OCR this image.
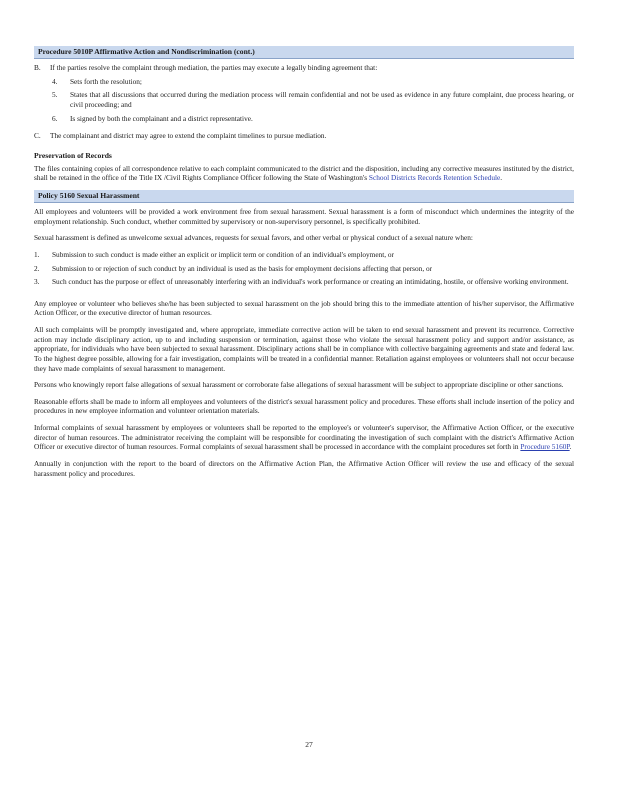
Procedure 5010P Affirmative Action and Nondiscrimination (cont.)
B.	If the parties resolve the complaint through mediation, the parties may execute a legally binding agreement that:
4.	Sets forth the resolution;
5.	States that all discussions that occurred during the mediation process will remain confidential and not be used as evidence in any future complaint, due process hearing, or civil proceeding; and
6.	Is signed by both the complainant and a district representative.
C.	The complainant and district may agree to extend the complaint timelines to pursue mediation.
Preservation of Records

The files containing copies of all correspondence relative to each complaint communicated to the district and the disposition, including any corrective measures instituted by the district, shall be retained in the office of the Title IX /Civil Rights Compliance Officer following the State of Washington's School Districts Records Retention Schedule.

Policy 5160 Sexual Harassment

All employees and volunteers will be provided a work environment free from sexual harassment. Sexual harassment is a form of misconduct which undermines the integrity of the employment relationship. Such conduct, whether committed by supervisory or non-supervisory personnel, is specifically prohibited.

Sexual harassment is defined as unwelcome sexual advances, requests for sexual favors, and other verbal or physical conduct of a sexual nature when:

1.	Submission to such conduct is made either an explicit or implicit term or condition of an individual's employment, or
2.	Submission to or rejection of such conduct by an individual is used as the basis for employment decisions affecting that person, or
3.	Such conduct has the purpose or effect of unreasonably interfering with an individual's work performance or creating an intimidating, hostile, or offensive working environment.

Any employee or volunteer who believes she/he has been subjected to sexual harassment on the job should bring this to the immediate attention of his/her supervisor, the Affirmative Action Officer, or the executive director of human resources.

All such complaints will be promptly investigated and, where appropriate, immediate corrective action will be taken to end sexual harassment and prevent its recurrence. Corrective action may include disciplinary action, up to and including suspension or termination, against those who violate the sexual harassment policy and support and/or assistance, as appropriate, for individuals who have been subjected to sexual harassment. Disciplinary actions shall be in compliance with collective bargaining agreements and state and federal law. To the highest degree possible, allowing for a fair investigation, complaints will be treated in a confidential manner. Retaliation against employees or volunteers shall not occur because they have made complaints of sexual harassment to management.

Persons who knowingly report false allegations of sexual harassment or corroborate false allegations of sexual harassment will be subject to appropriate discipline or other sanctions.

Reasonable efforts shall be made to inform all employees and volunteers of the district's sexual harassment policy and procedures. These efforts shall include insertion of the policy and procedures in new employee information and volunteer orientation materials.

Informal complaints of sexual harassment by employees or volunteers shall be reported to the employee's or volunteer's supervisor, the Affirmative Action Officer, or the executive director of human resources. The administrator receiving the complaint will be responsible for coordinating the investigation of such complaint with the district's Affirmative Action Officer or executive director of human resources. Formal complaints of sexual harassment shall be processed in accordance with the complaint procedures set forth in Procedure 5160P.

Annually in conjunction with the report to the board of directors on the Affirmative Action Plan, the Affirmative Action Officer will review the use and efficacy of the sexual harassment policy and procedures.

27
